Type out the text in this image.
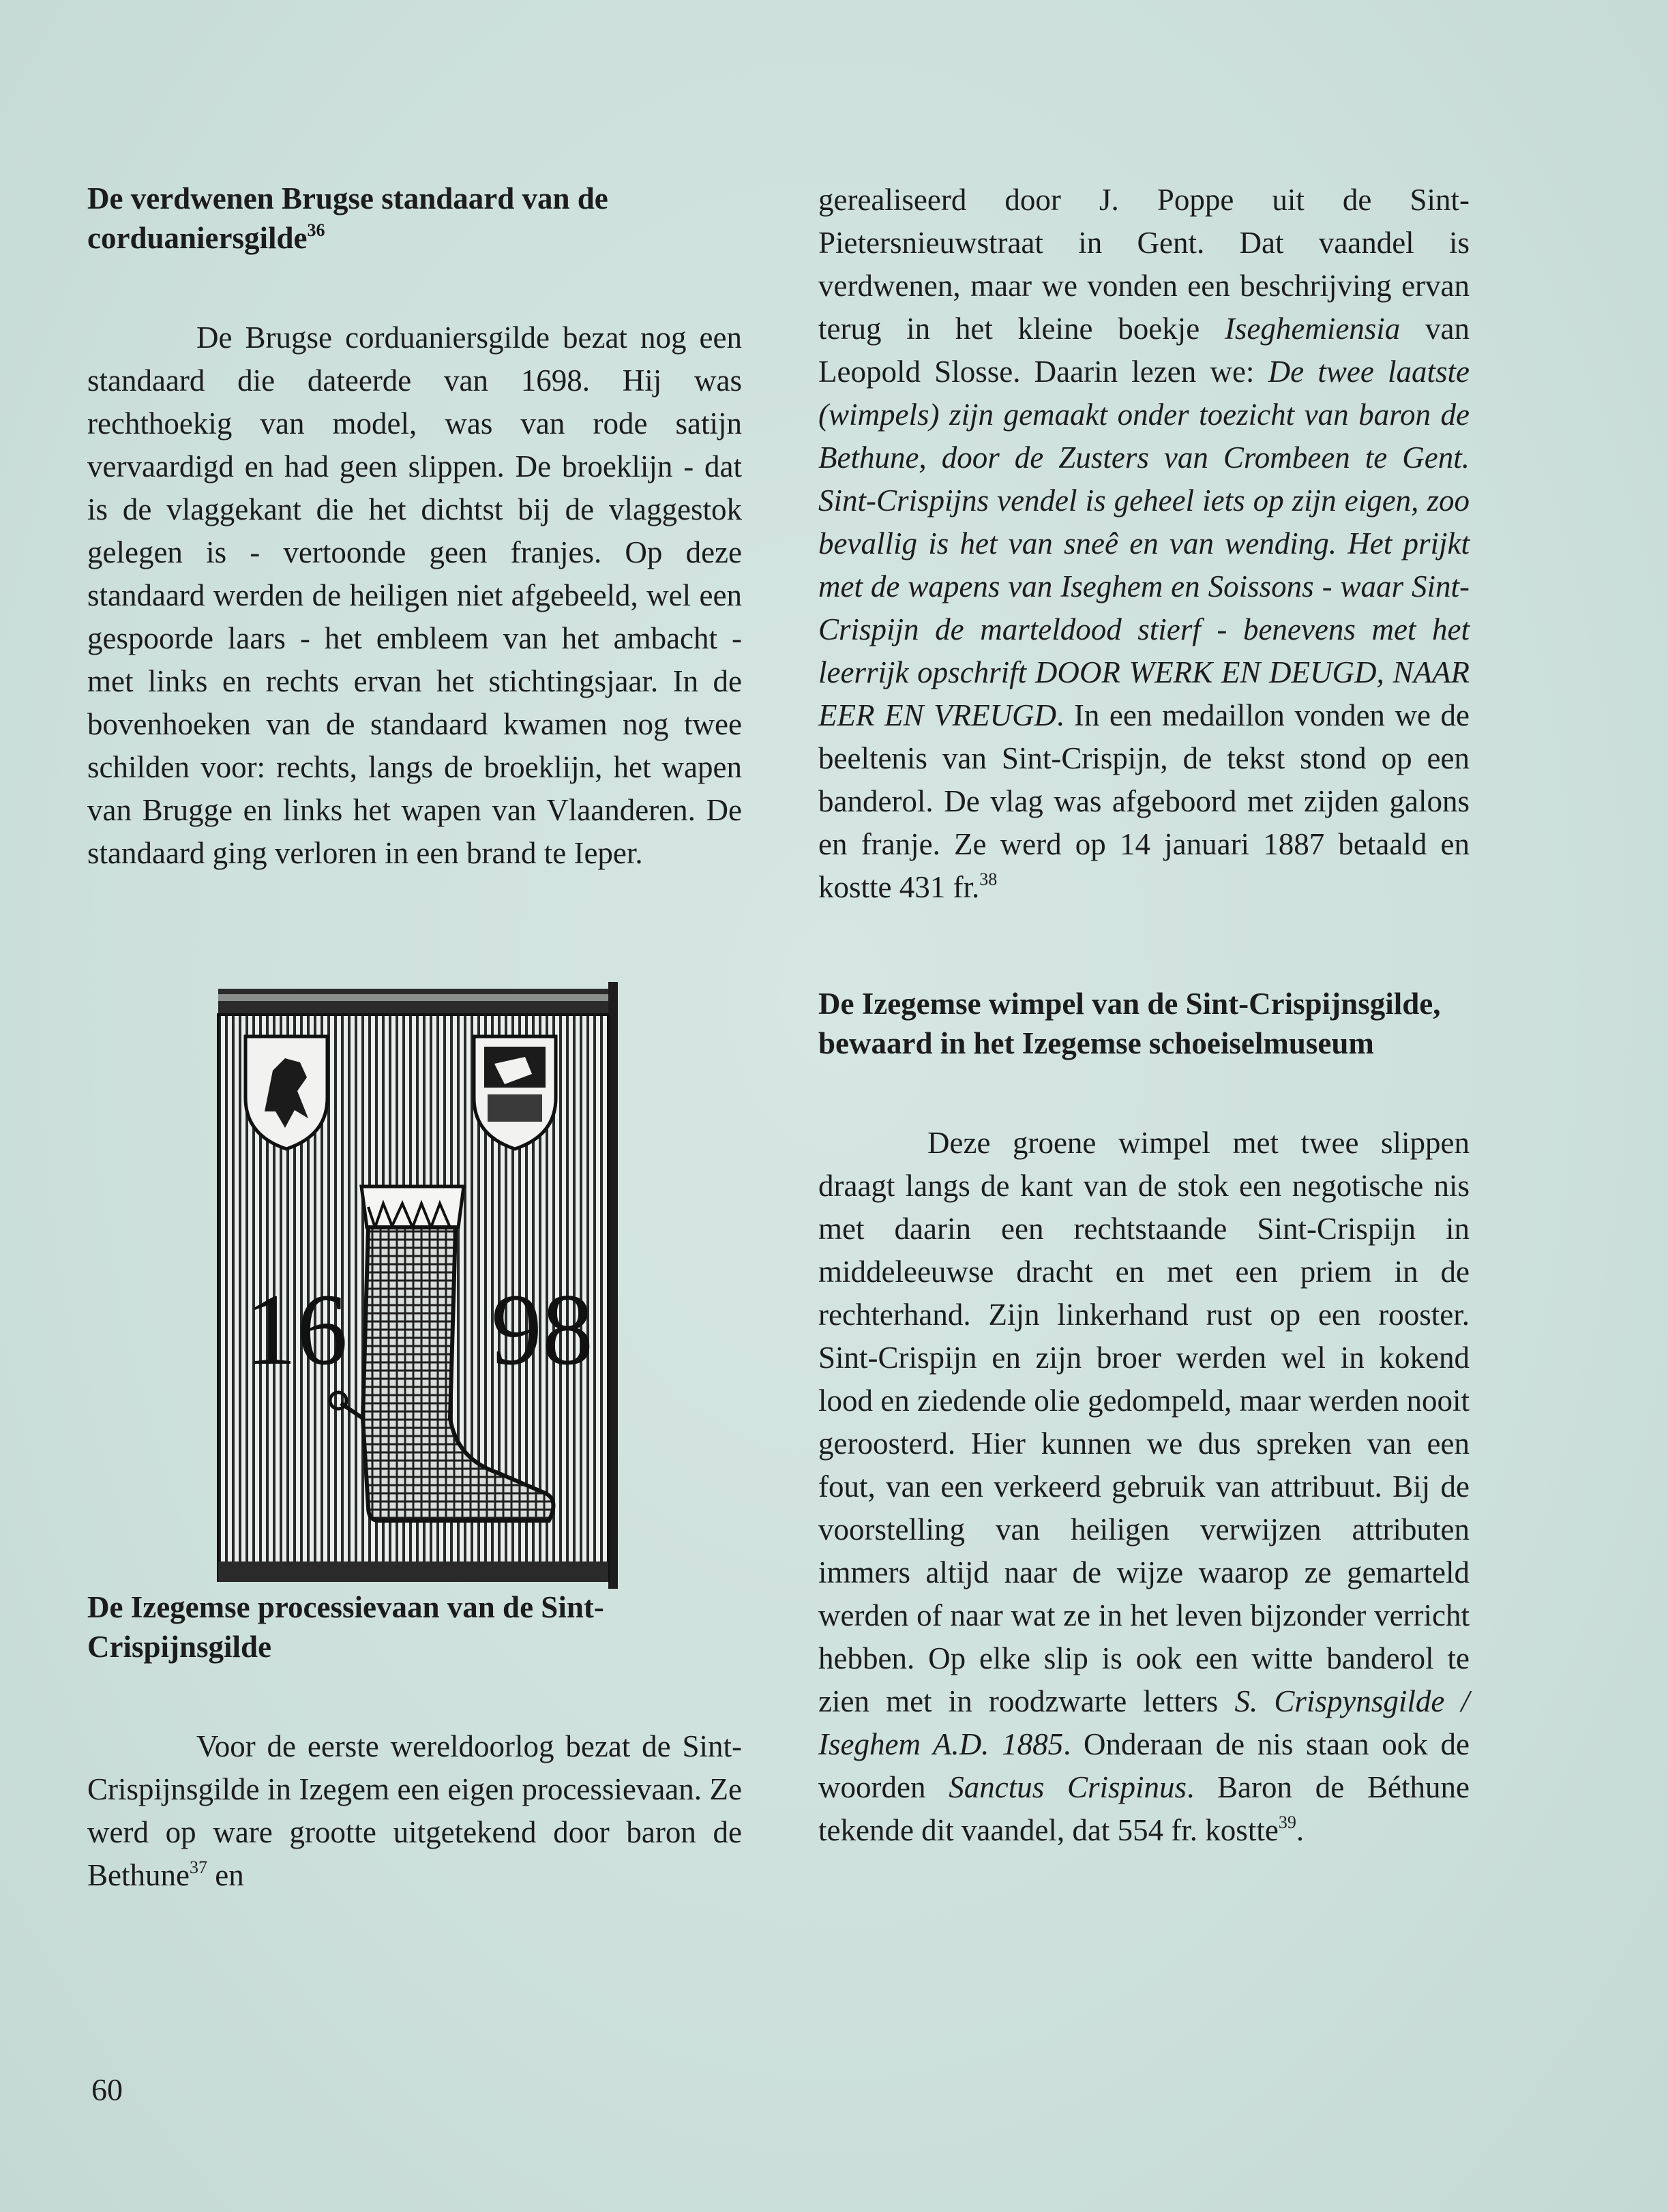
De verdwenen Brugse standaard van de corduaniersgilde$^{36}$

De Brugse corduaniersgilde bezat nog een standaard die dateerde van 1698. Hij was rechthoekig van model, was van rode satijn vervaardigd en had geen slippen. De broeklijn - dat is de vlaggekant die het dichtst bij de vlaggestok gelegen is - vertoonde geen franjes. Op deze standaard werden de heiligen niet afgebeeld, wel een gespoorde laars - het embleem van het ambacht - met links en rechts ervan het stichtingsjaar. In de bovenhoeken van de standaard kwamen nog twee schilden voor: rechts, langs de broeklijn, het wapen van Brugge en links het wapen van Vlaanderen. De standaard ging verloren in een brand te Ieper.

De Izegemse processievaan van de Sint-Crispijnsgilde

Voor de eerste wereldoorlog bezat de Sint-Crispijnsgilde in Izegem een eigen processievaan. Ze werd op ware grootte uitgetekend door baron de Bethune$^{37}$ en

16 98

gerealiseerd door J. Poppe uit de Sint-Pietersnieuwstraat in Gent. Dat vaandel is verdwenen, maar we vonden een beschrijving ervan terug in het kleine boekje Iseghemiensia van Leopold Slosse. Daarin lezen we: De twee laatste (wimpels) zijn gemaakt onder toezicht van baron de Bethune, door de Zusters van Crombeen te Gent. Sint-Crispijns vendel is geheel iets op zijn eigen, zoo bevallig is het van sneê en van wending. Het prijkt met de wapens van Iseghem en Soissons - waar Sint-Crispijn de marteldood stierf - benevens met het leerrijk opschrift DOOR WERK EN DEUGD, NAAR EER EN VREUGD. In een medaillon vonden we de beeltenis van Sint-Crispijn, de tekst stond op een banderol. De vlag was afgeboord met zijden galons en franje. Ze werd op 14 januari 1887 betaald en kostte 431 fr.$^{38}$

De Izegemse wimpel van de Sint-Crispijnsgilde, bewaard in het Izegemse schoeiselmuseum

Deze groene wimpel met twee slippen draagt langs de kant van de stok een negotische nis met daarin een rechtstaande Sint-Crispijn in middeleeuwse dracht en met een priem in de rechterhand. Zijn linkerhand rust op een rooster. Sint-Crispijn en zijn broer werden wel in kokend lood en ziedende olie gedompeld, maar werden nooit geroosterd. Hier kunnen we dus spreken van een fout, van een verkeerd gebruik van attribuut. Bij de voorstelling van heiligen verwijzen attributen immers altijd naar de wijze waarop ze gemarteld werden of naar wat ze in het leven bijzonder verricht hebben. Op elke slip is ook een witte banderol te zien met in roodzwarte letters S. Crispynsgilde / Iseghem A.D. 1885. Onderaan de nis staan ook de woorden Sanctus Crispinus. Baron de Béthune tekende dit vaandel, dat 554 fr. kostte$^{39}$.

60
